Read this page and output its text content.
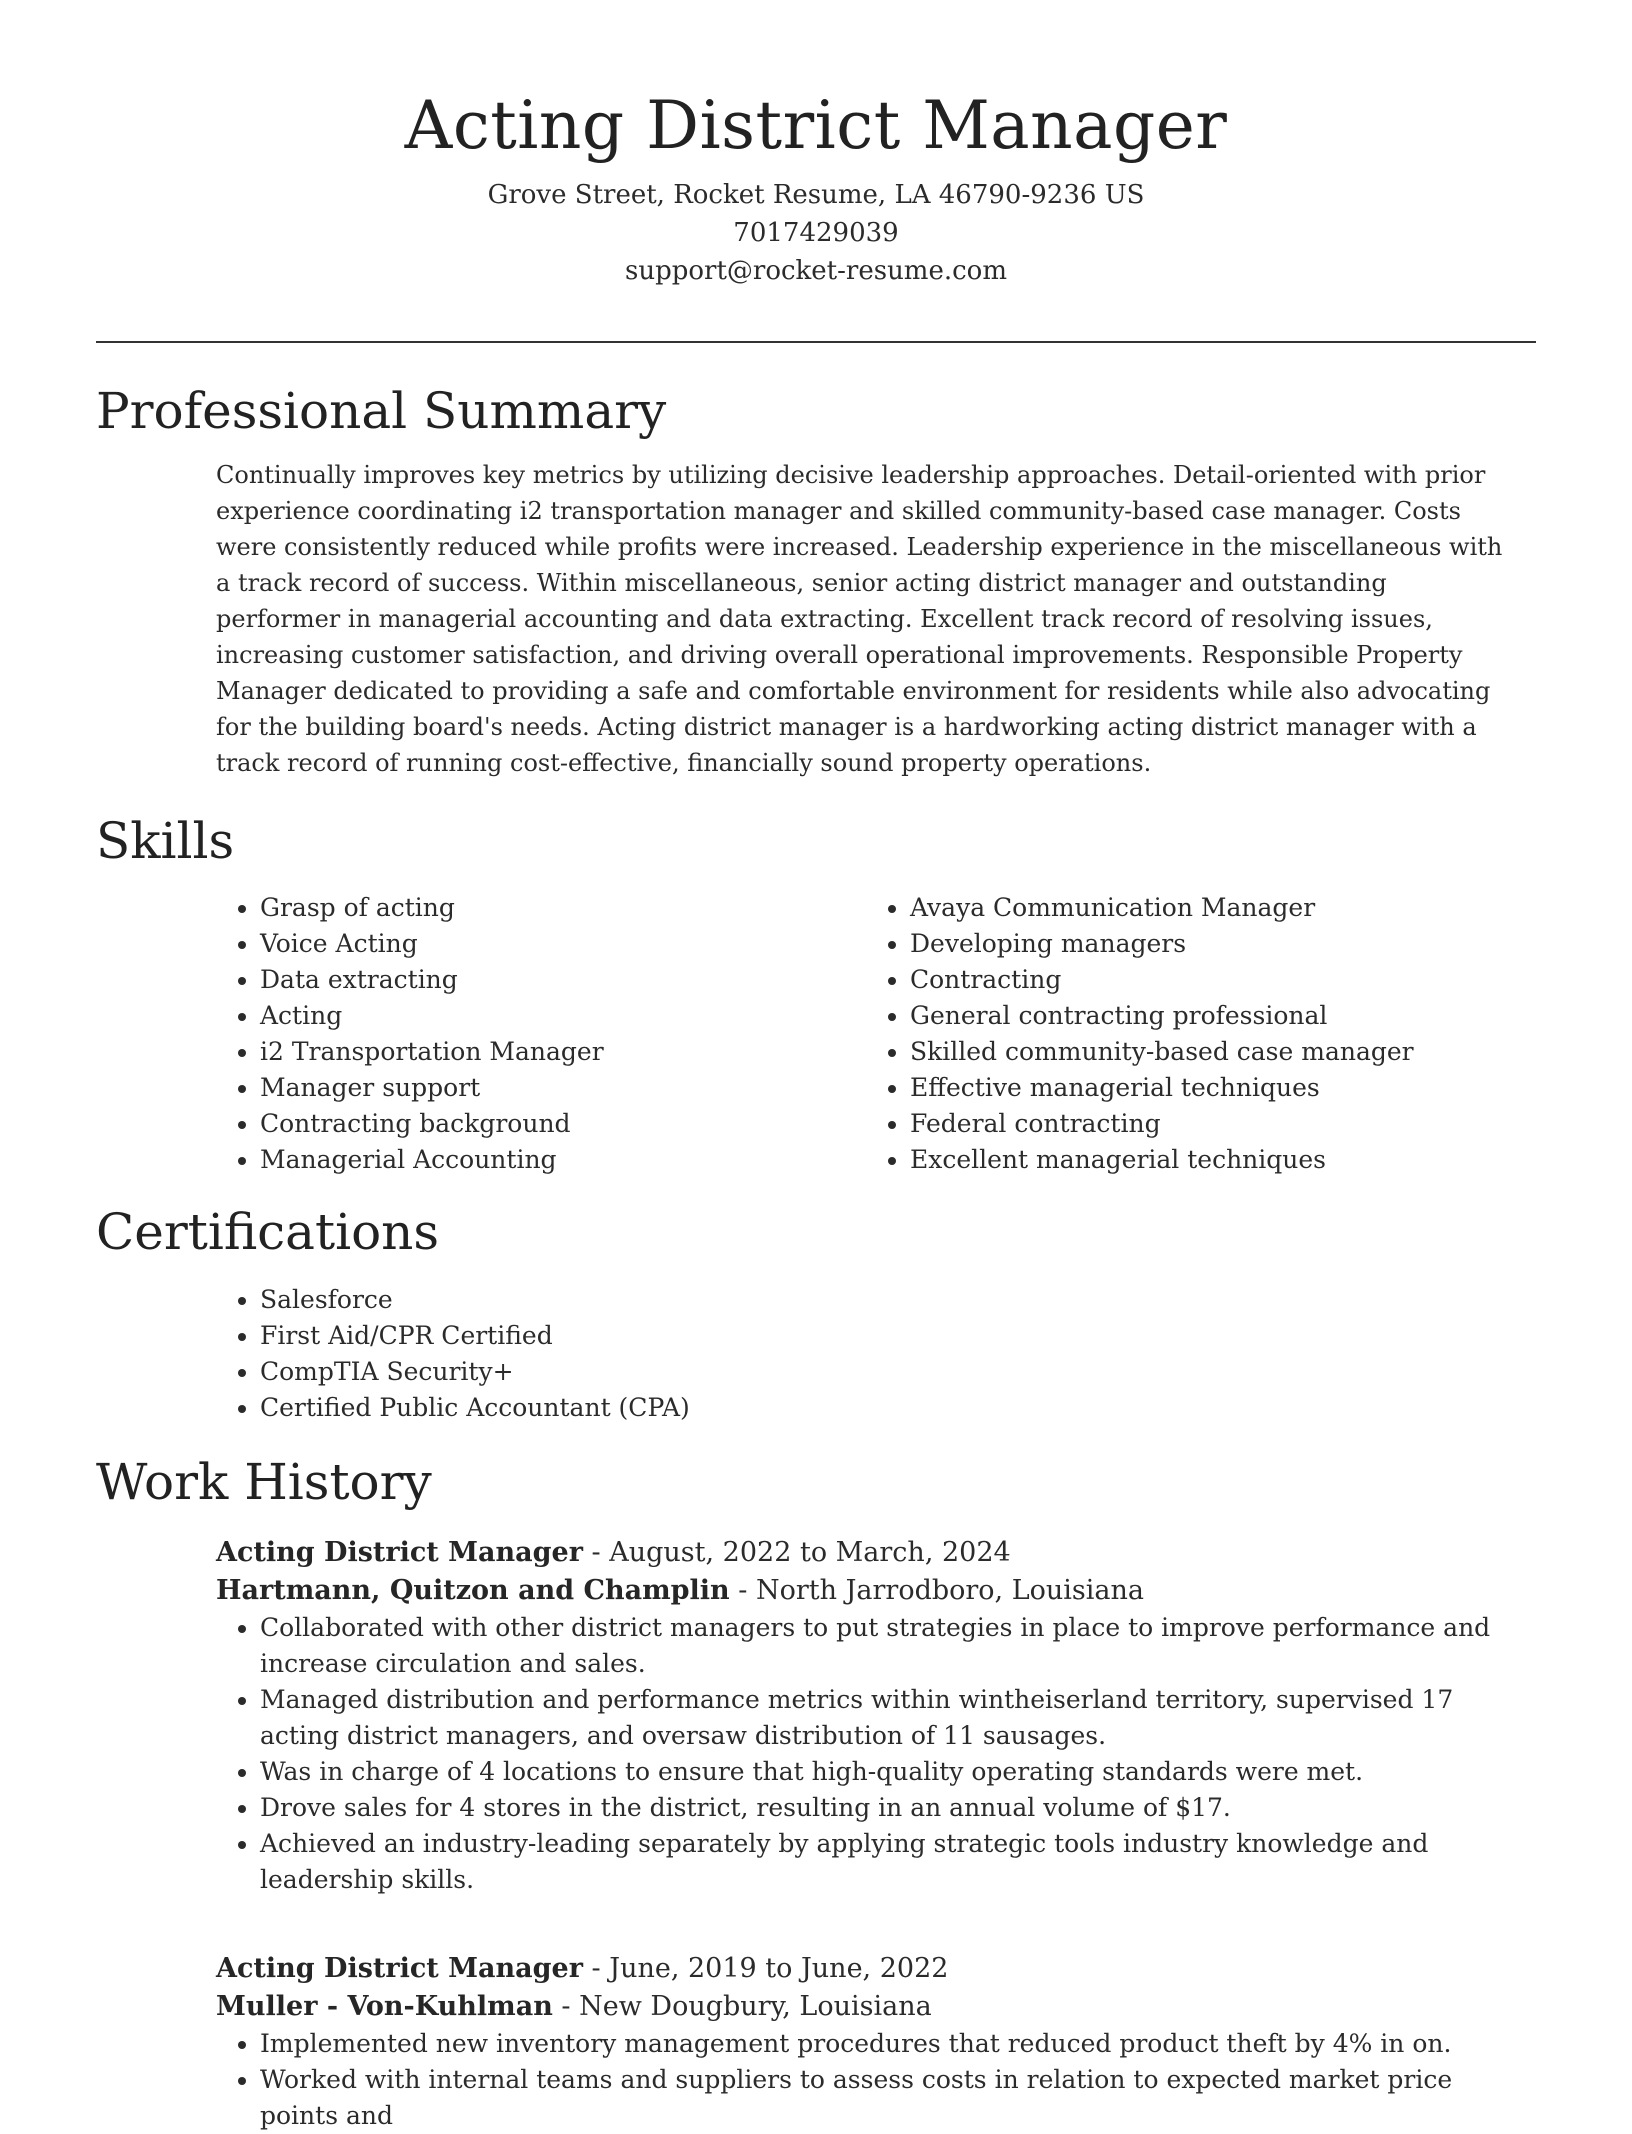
Acting District Manager
Grove Street, Rocket Resume, LA 46790-9236 US
7017429039
support@rocket-resume.com
Professional Summary

Continually improves key metrics by utilizing decisive leadership approaches. Detail-oriented with prior experience coordinating i2 transportation manager and skilled community-based case manager. Costs were consistently reduced while profits were increased. Leadership experience in the miscellaneous with a track record of success. Within miscellaneous, senior acting district manager and outstanding performer in managerial accounting and data extracting. Excellent track record of resolving issues, increasing customer satisfaction, and driving overall operational improvements. Responsible Property Manager dedicated to providing a safe and comfortable environment for residents while also advocating for the building board's needs. Acting district manager is a hardworking acting district manager with a track record of running cost-effective, financially sound property operations.

Skills
• Grasp of acting
• Voice Acting
• Data extracting
• Acting
• i2 Transportation Manager
• Manager support
• Contracting background
• Managerial Accounting
• Avaya Communication Manager
• Developing managers
• Contracting
• General contracting professional
• Skilled community-based case manager
• Effective managerial techniques
• Federal contracting
• Excellent managerial techniques
Certifications
• Salesforce
• First Aid/CPR Certified
• CompTIA Security+
• Certified Public Accountant (CPA)
Work History
Acting District Manager - August, 2022 to March, 2024
Hartmann, Quitzon and Champlin - North Jarrodboro, Louisiana
• Collaborated with other district managers to put strategies in place to improve performance and increase circulation and sales.
• Managed distribution and performance metrics within wintheiserland territory, supervised 17 acting district managers, and oversaw distribution of 11 sausages.
• Was in charge of 4 locations to ensure that high-quality operating standards were met.
• Drove sales for 4 stores in the district, resulting in an annual volume of $17.
• Achieved an industry-leading separately by applying strategic tools industry knowledge and leadership skills.
Acting District Manager - June, 2019 to June, 2022
Muller - Von-Kuhlman - New Dougbury, Louisiana
• Implemented new inventory management procedures that reduced product theft by 4% in on.
• Worked with internal teams and suppliers to assess costs in relation to expected market price points and
